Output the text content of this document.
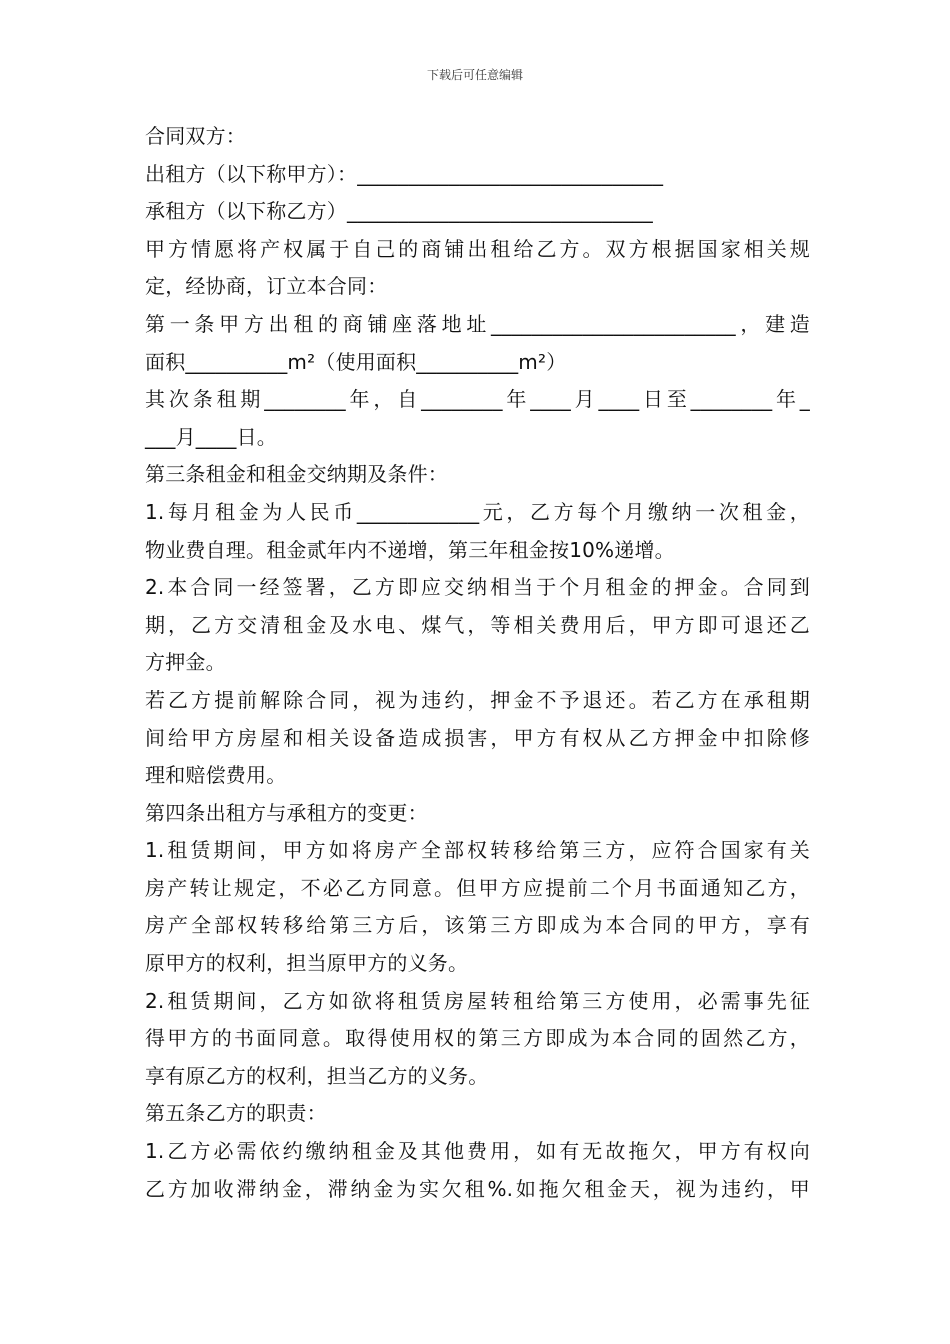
下载后可任意编辑

合同双方：

出租方（以下称甲方）：______________________________

承租方（以下称乙方）______________________________

甲方情愿将产权属于自己的商铺出租给乙方。双方根据国家相关规

定，经协商，订立本合同：

第一条甲方出租的商铺座落地址________________________，建造

面积__________m²（使用面积__________m²）

其次条租期________年，自________年____月____日至________年_

___月____日。

第三条租金和租金交纳期及条件：

1.每月租金为人民币____________元，乙方每个月缴纳一次租金，

物业费自理。租金贰年内不递增，第三年租金按10%递增。

2.本合同一经签署，乙方即应交纳相当于个月租金的押金。合同到

期，乙方交清租金及水电、煤气，等相关费用后，甲方即可退还乙

方押金。

若乙方提前解除合同，视为违约，押金不予退还。若乙方在承租期

间给甲方房屋和相关设备造成损害，甲方有权从乙方押金中扣除修

理和赔偿费用。

第四条出租方与承租方的变更：

1.租赁期间，甲方如将房产全部权转移给第三方，应符合国家有关

房产转让规定，不必乙方同意。但甲方应提前二个月书面通知乙方，

房产全部权转移给第三方后，该第三方即成为本合同的甲方，享有

原甲方的权利，担当原甲方的义务。

2.租赁期间，乙方如欲将租赁房屋转租给第三方使用，必需事先征

得甲方的书面同意。取得使用权的第三方即成为本合同的固然乙方，

享有原乙方的权利，担当乙方的义务。

第五条乙方的职责：

1.乙方必需依约缴纳租金及其他费用，如有无故拖欠，甲方有权向

乙方加收滞纳金，滞纳金为实欠租%.如拖欠租金天，视为违约，甲
